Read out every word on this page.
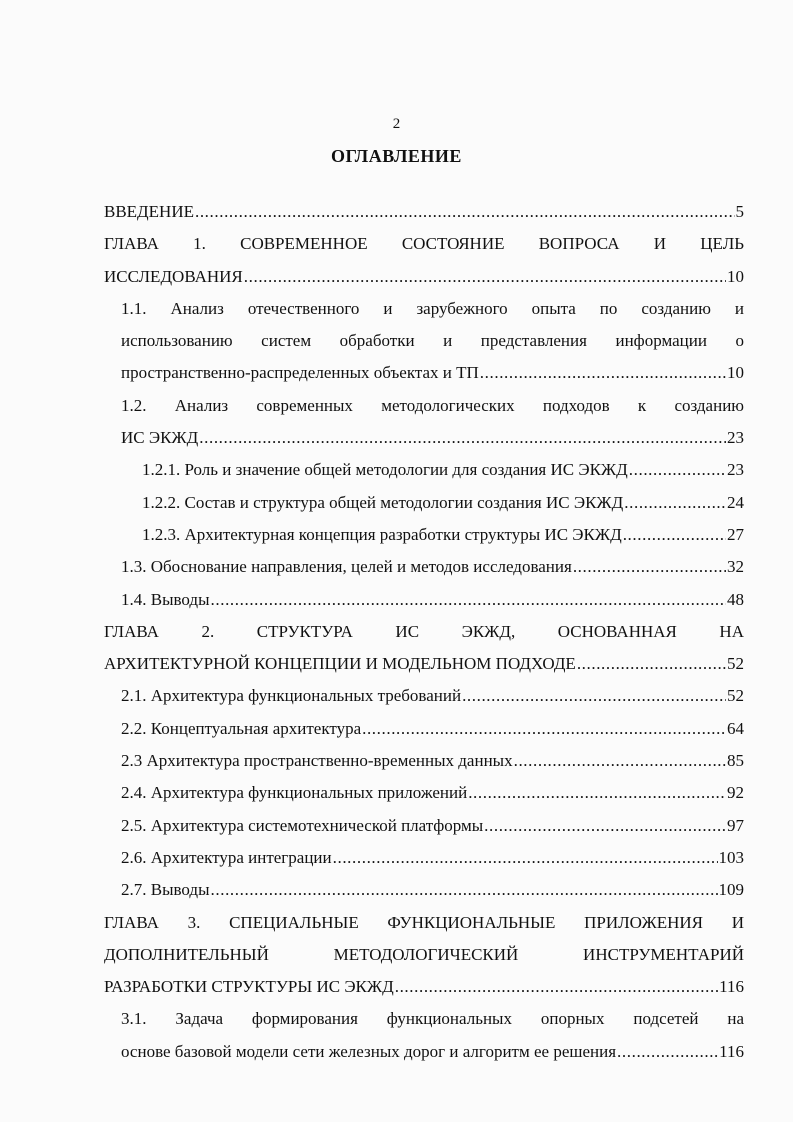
2
ОГЛАВЛЕНИЕ
ВВЕДЕНИЕ .....	5
ГЛАВА 1. СОВРЕМЕННОЕ СОСТОЯНИЕ ВОПРОСА И ЦЕЛЬ
ИССЛЕДОВАНИЯ .....	10
1.1. Анализ отечественного и зарубежного опыта по созданию и
использованию систем обработки и представления информации о
пространственно-распределенных объектах и ТП .....	10
1.2. Анализ современных методологических подходов к созданию
ИС ЭКЖД .....	23
1.2.1. Роль и значение общей методологии для создания ИС ЭКЖД .....	23
1.2.2. Состав и структура общей методологии создания ИС ЭКЖД .....	24
1.2.3. Архитектурная концепция разработки структуры ИС ЭКЖД .....	27
1.3. Обоснование направления, целей и методов исследования .....	32
1.4. Выводы .....	48
ГЛАВА 2. СТРУКТУРА ИС ЭКЖД, ОСНОВАННАЯ НА
АРХИТЕКТУРНОЙ КОНЦЕПЦИИ И МОДЕЛЬНОМ ПОДХОДЕ .....	52
2.1. Архитектура функциональных требований .....	52
2.2. Концептуальная архитектура .....	64
2.3 Архитектура пространственно-временных данных .....	85
2.4. Архитектура функциональных приложений .....	92
2.5. Архитектура системотехнической платформы .....	97
2.6. Архитектура интеграции .....	103
2.7. Выводы .....	109
ГЛАВА 3. СПЕЦИАЛЬНЫЕ ФУНКЦИОНАЛЬНЫЕ ПРИЛОЖЕНИЯ И
ДОПОЛНИТЕЛЬНЫЙ МЕТОДОЛОГИЧЕСКИЙ ИНСТРУМЕНТАРИЙ
РАЗРАБОТКИ СТРУКТУРЫ ИС ЭКЖД .....	116
3.1. Задача формирования функциональных опорных подсетей на
основе базовой модели сети железных дорог и алгоритм ее решения .....	116
